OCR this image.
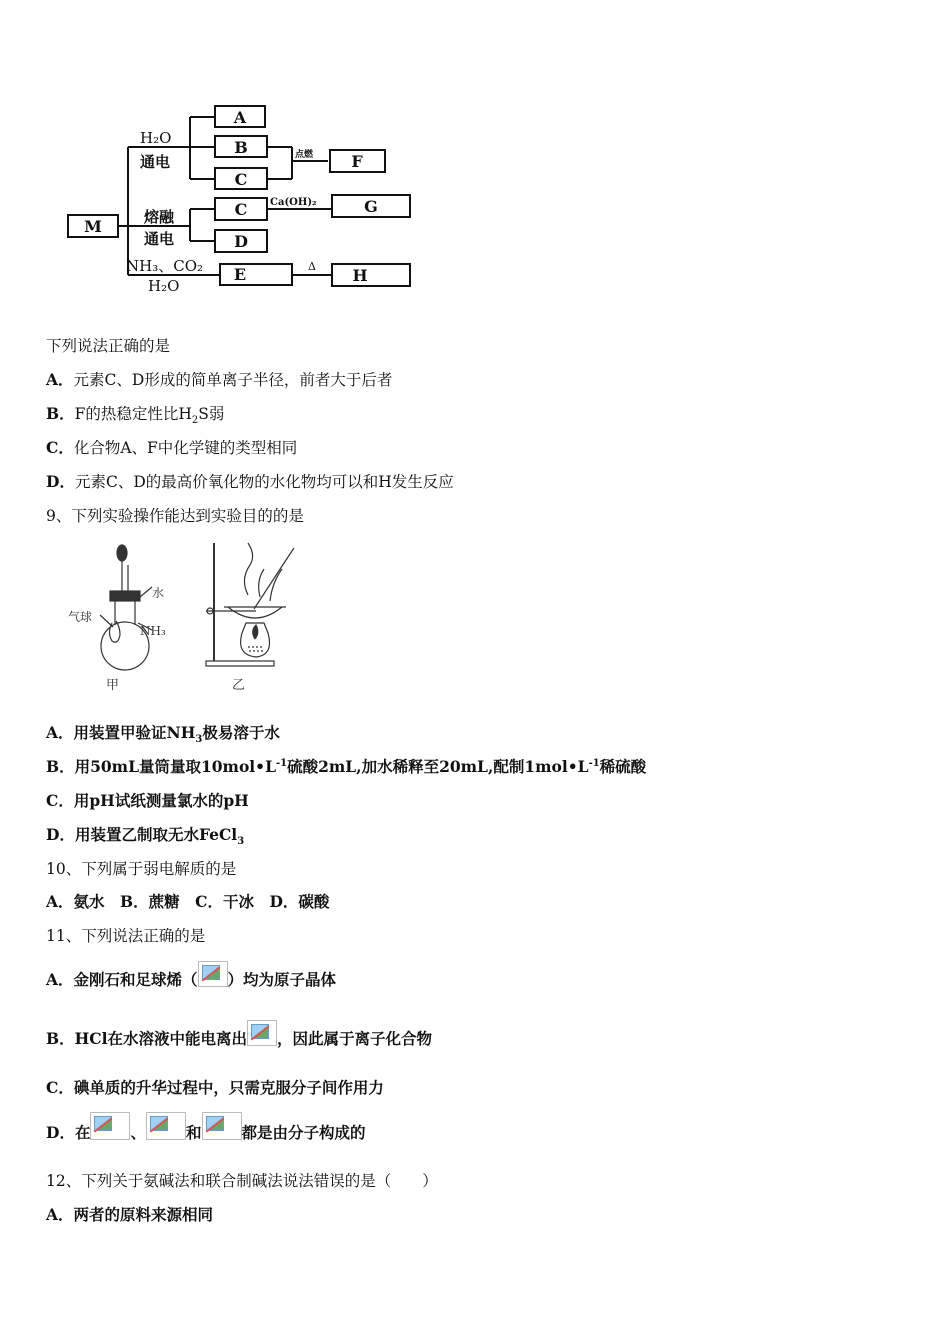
M
A
B
C
F
点燃
C
D
G
Ca(OH)₂
E	H
Δ
H₂O
通电
熔融
通电
NH₃、CO₂
H₂O
下列说法正确的是
A．元素C、D形成的简单离子半径，前者大于后者
B．F的热稳定性比$H_2S$弱
C．化合物A、F中化学键的类型相同
D．元素C、D的最高价氧化物的水化物均可以和H发生反应
9、下列实验操作能达到实验目的的是
气球
水
NH₃
甲	乙
A．用装置甲验证$NH_3$极易溶于水
B．用50mL量筒量取$10mol•L^{-1}$硫酸2mL,加水稀释至20mL,配制$1mol•L^{-1}$稀硫酸
C．用pH试纸测量氯水的pH
D．用装置乙制取无水FeCl$_3$
10、下列属于弱电解质的是
A．氨水　B．蔗糖　C．干冰　D．碳酸
11、下列说法正确的是
A．金刚石和足球烯（ ）均为原子晶体
B．HCl在水溶液中能电离出 ，因此属于离子化合物
C．碘单质的升华过程中，只需克服分子间作用力
D．在	、	和	都是由分子构成的
12、下列关于氨碱法和联合制碱法说法错误的是（　　）
A．两者的原料来源相同
